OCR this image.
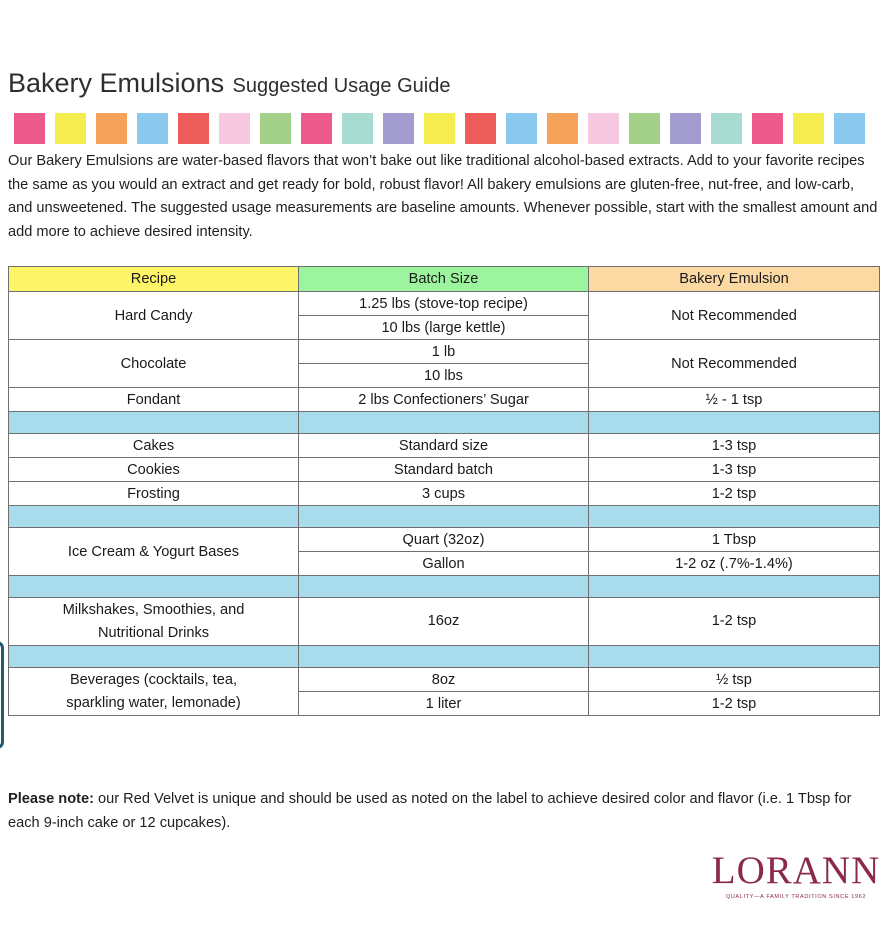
Bakery Emulsions Suggested Usage Guide
Our Bakery Emulsions are water-based flavors that won’t bake out like traditional alcohol-based extracts. Add to your favorite recipes the same as you would an extract and get ready for bold, robust flavor! All bakery emulsions are gluten-free, nut-free, and low-carb, and unsweetened. The suggested usage measurements are baseline amounts. Whenever possible, start with the smallest amount and add more to achieve desired intensity.
Recipe	Batch Size	Bakery Emulsion
Hard Candy	1.25 lbs (stove-top recipe)	Not Recommended
	10 lbs (large kettle)	
Chocolate	1 lb	Not Recommended
	10 lbs	
Fondant	2 lbs Confectioners’ Sugar	½ - 1 tsp

Cakes	Standard size	1-3 tsp
Cookies	Standard batch	1-3 tsp
Frosting	3 cups	1-2 tsp

Ice Cream & Yogurt Bases	Quart (32oz)	1 Tbsp
	Gallon	1-2 oz (.7%-1.4%)

Milkshakes, Smoothies, and
Nutritional Drinks	16oz	1-2 tsp

Beverages (cocktails, tea,
sparkling water, lemonade)	8oz	½ tsp
	1 liter	1-2 tsp
Please note: our Red Velvet is unique and should be used as noted on the label to achieve desired color and flavor (i.e. 1 Tbsp for each 9-inch cake or 12 cupcakes).
LORANN
QUALITY—A FAMILY TRADITION SINCE 1962
